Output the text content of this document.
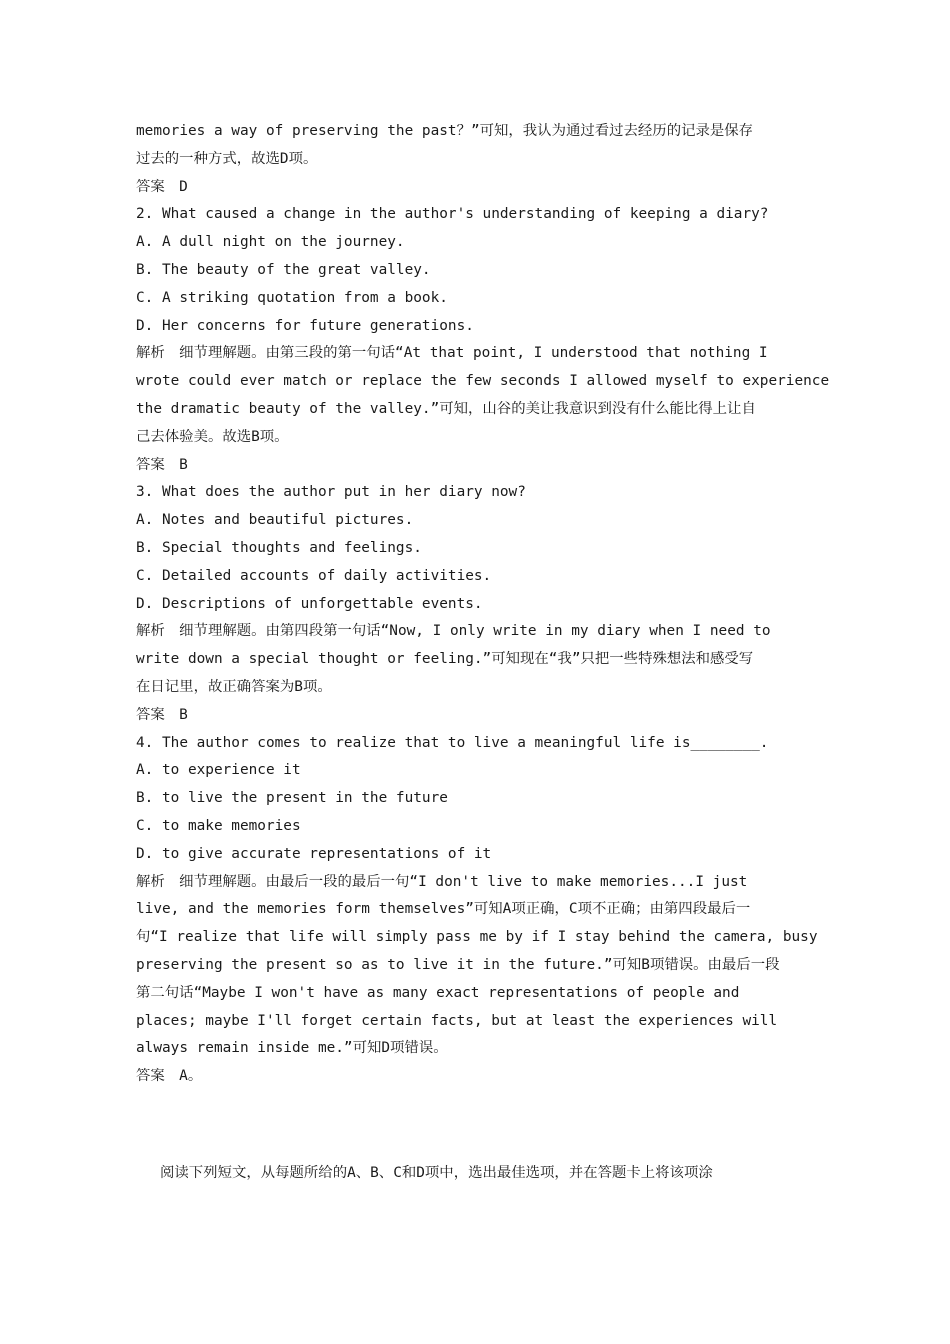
memories a way of preserving the past？”可知，我认为通过看过去经历的记录是保存

过去的一种方式，故选D项。

答案　D

2. What caused a change in the author's understanding of keeping a diary?

A. A dull night on the journey.

B. The beauty of the great valley.

C. A striking quotation from a book.

D. Her concerns for future generations.

解析　细节理解题。由第三段的第一句话“At that point, I understood that nothing I

wrote could ever match or replace the few seconds I allowed myself to experience

the dramatic beauty of the valley.”可知，山谷的美让我意识到没有什么能比得上让自

己去体验美。故选B项。

答案　B

3. What does the author put in her diary now?

A. Notes and beautiful pictures.

B. Special thoughts and feelings.

C. Detailed accounts of daily activities.

D. Descriptions of unforgettable events.

解析　细节理解题。由第四段第一句话“Now, I only write in my diary when I need to

write down a special thought or feeling.”可知现在“我”只把一些特殊想法和感受写

在日记里，故正确答案为B项。

答案　B

4. The author comes to realize that to live a meaningful life is________.

A. to experience it

B. to live the present in the future

C. to make memories

D. to give accurate representations of it

解析　细节理解题。由最后一段的最后一句“I don't live to make memories...I just

live, and the memories form themselves”可知A项正确，C项不正确；由第四段最后一

句“I realize that life will simply pass me by if I stay behind the camera, busy

preserving the present so as to live it in the future.”可知B项错误。由最后一段

第二句话“Maybe I won't have as many exact representations of people and

places; maybe I'll forget certain facts, but at least the experiences will

always remain inside me.”可知D项错误。

答案　A。

阅读下列短文，从每题所给的A、B、C和D项中，选出最佳选项，并在答题卡上将该项涂
